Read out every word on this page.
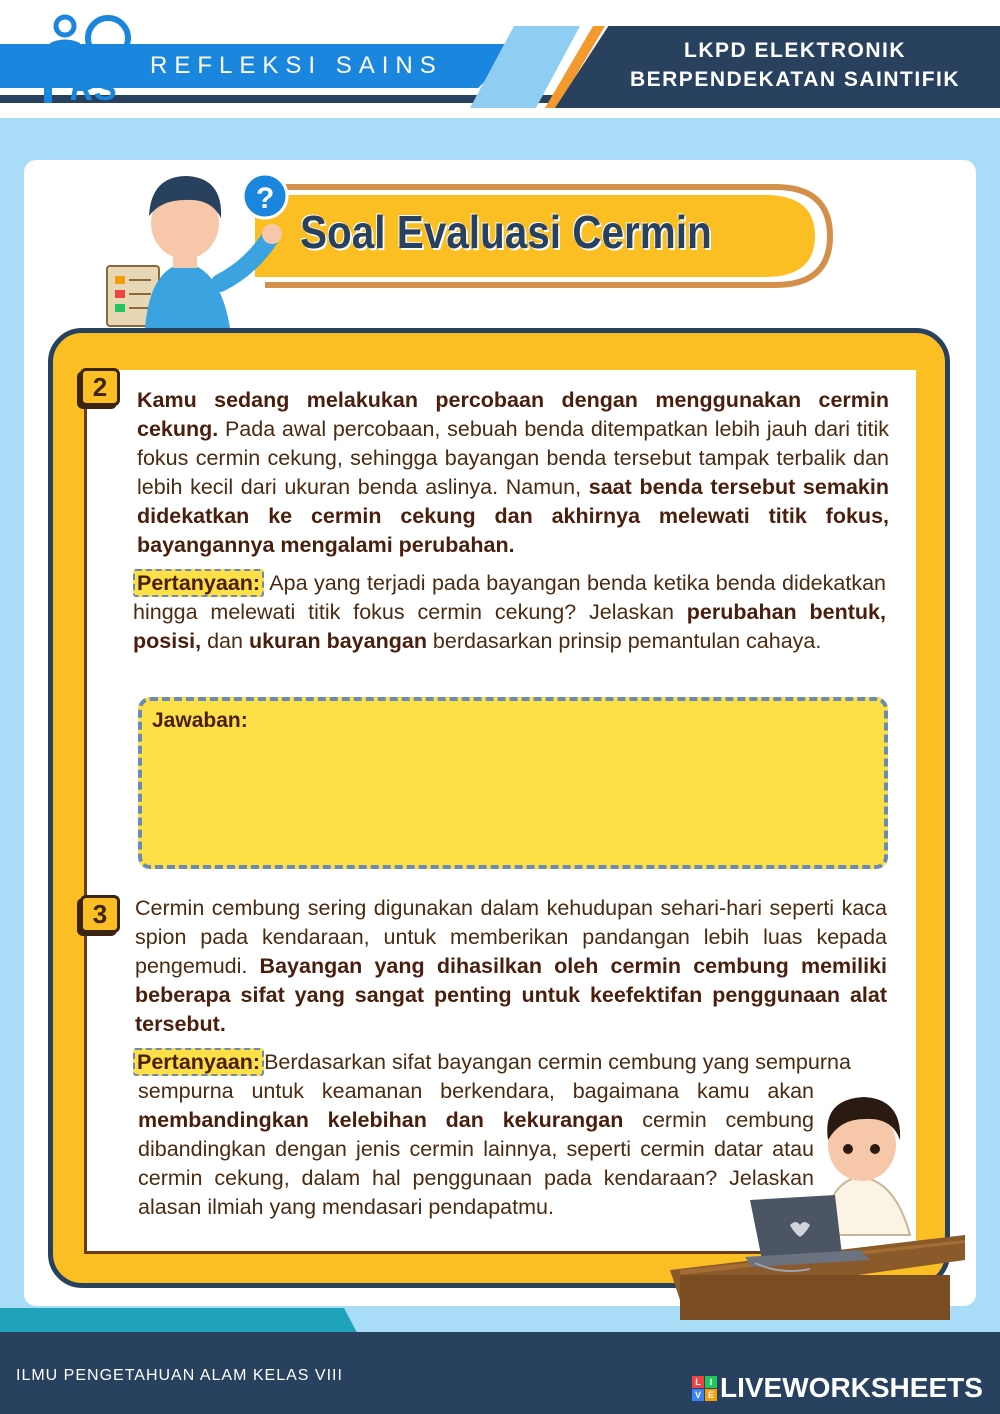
RS
REFLEKSI SAINS
LKPD ELEKTRONIK
BERPENDEKATAN SAINTIFIK
Soal Evaluasi Cermin
?
2	Kamu sedang melakukan percobaan dengan menggunakan cermin cekung. Pada awal percobaan, sebuah benda ditempatkan lebih jauh dari titik fokus cermin cekung, sehingga bayangan benda tersebut tampak terbalik dan lebih kecil dari ukuran benda aslinya. Namun, saat benda tersebut semakin didekatkan ke cermin cekung dan akhirnya melewati titik fokus, bayangannya mengalami perubahan.
Pertanyaan: Apa yang terjadi pada bayangan benda ketika benda didekatkan hingga melewati titik fokus cermin cekung? Jelaskan perubahan bentuk, posisi, dan ukuran bayangan berdasarkan prinsip pemantulan cahaya.
Jawaban:
3	Cermin cembung sering digunakan dalam kehudupan sehari-hari seperti kaca spion pada kendaraan, untuk memberikan pandangan lebih luas kepada pengemudi. Bayangan yang dihasilkan oleh cermin cembung memiliki beberapa sifat yang sangat penting untuk keefektifan penggunaan alat tersebut.
Pertanyaan: Berdasarkan sifat bayangan cermin cembung yang sempurna
sempurna untuk keamanan berkendara, bagaimana kamu akan membandingkan kelebihan dan kekurangan cermin cembung dibandingkan dengan jenis cermin lainnya, seperti cermin datar atau cermin cekung, dalam hal penggunaan pada kendaraan? Jelaskan alasan ilmiah yang mendasari pendapatmu.
ILMU PENGETAHUAN ALAM KELAS VIII	L I
V E LIVEWORKSHEETS
